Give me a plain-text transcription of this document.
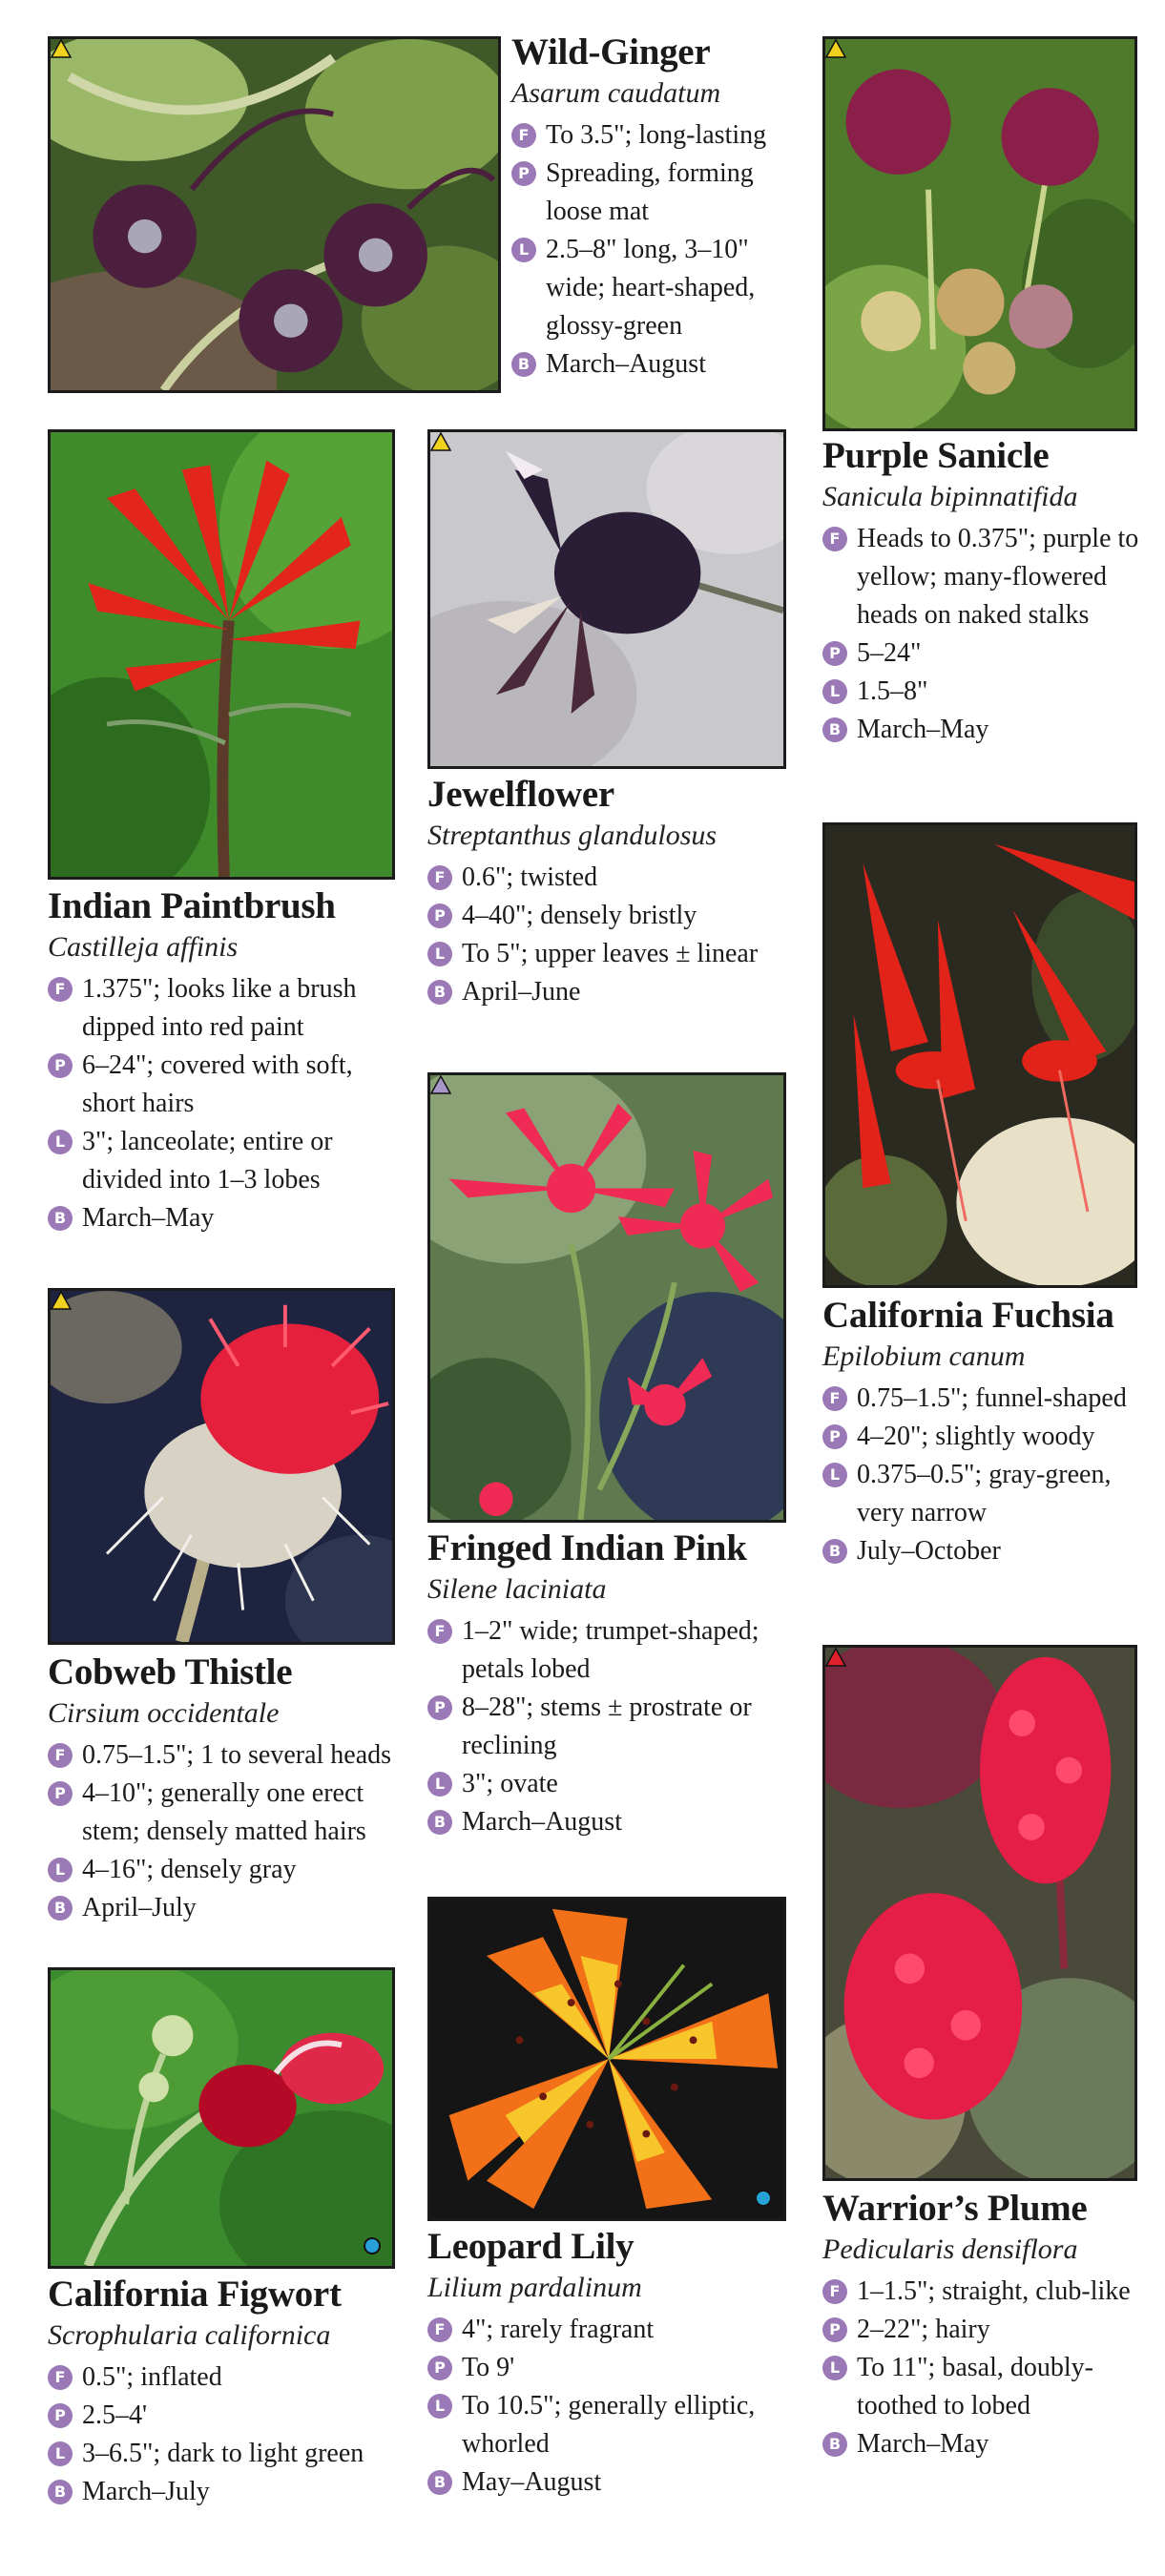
Wild-Ginger
Asarum caudatum
F To 3.5"; long-lasting
P Spreading, forming loose mat
L 2.5–8" long, 3–10" wide; heart-shaped, glossy-green
B March–August
Purple Sanicle
Sanicula bipinnatifida
F Heads to 0.375"; purple to yellow; many-flowered heads on naked stalks
P 5–24"
L 1.5–8"
B March–May
Indian Paintbrush
Castilleja affinis
F 1.375"; looks like a brush dipped into red paint
P 6–24"; covered with soft, short hairs
L 3"; lanceolate; entire or divided into 1–3 lobes
B March–May
Jewelflower
Streptanthus glandulosus
F 0.6"; twisted
P 4–40"; densely bristly
L To 5"; upper leaves ± linear
B April–June
California Fuchsia
Epilobium canum
F 0.75–1.5"; funnel-shaped
P 4–20"; slightly woody
L 0.375–0.5"; gray-green, very narrow
B July–October
Cobweb Thistle
Cirsium occidentale
F 0.75–1.5"; 1 to several heads
P 4–10"; generally one erect stem; densely matted hairs
L 4–16"; densely gray
B April–July
Fringed Indian Pink
Silene laciniata
F 1–2" wide; trumpet-shaped; petals lobed
P 8–28"; stems ± prostrate or reclining
L 3"; ovate
B March–August
Warrior’s Plume
Pedicularis densiflora
F 1–1.5"; straight, club-like
P 2–22"; hairy
L To 11"; basal, doubly-toothed to lobed
B March–May
California Figwort
Scrophularia californica
F 0.5"; inflated
P 2.5–4'
L 3–6.5"; dark to light green
B March–July
Leopard Lily
Lilium pardalinum
F 4"; rarely fragrant
P To 9'
L To 10.5"; generally elliptic, whorled
B May–August
